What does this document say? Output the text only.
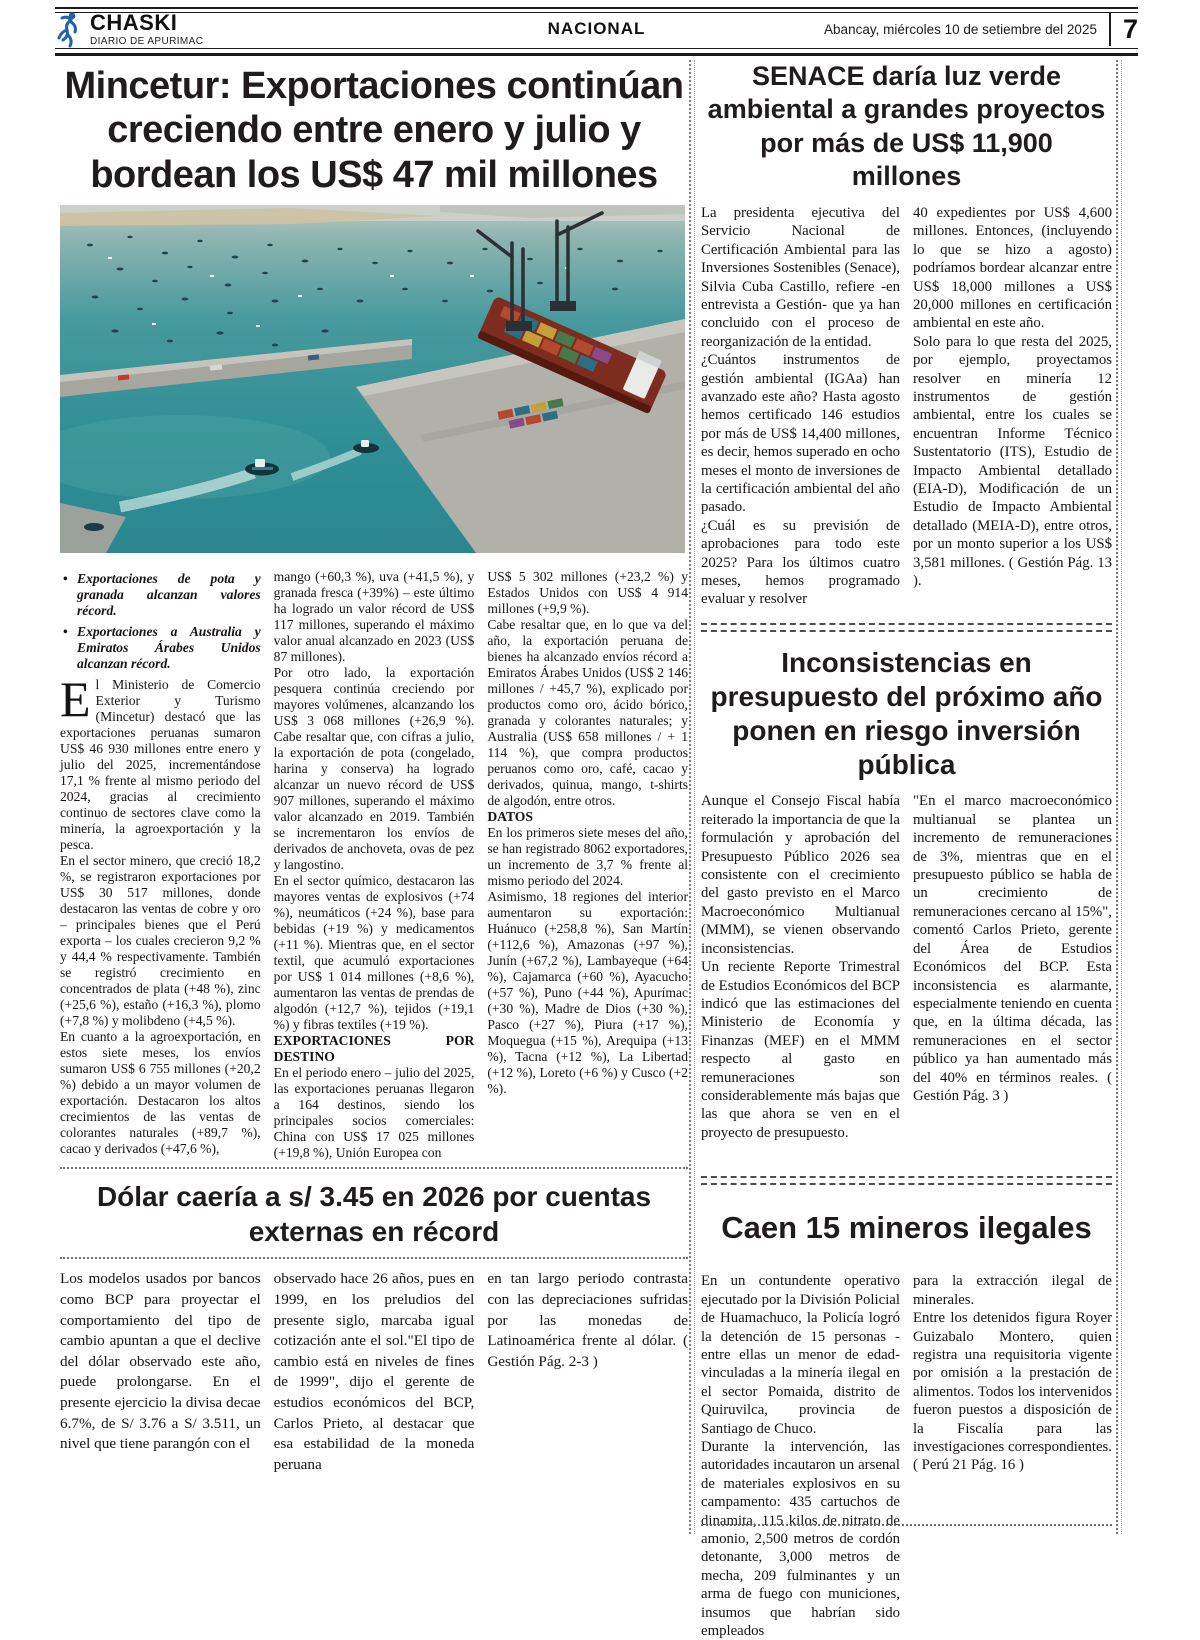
CHASKI
DIARIO DE APURIMAC
NACIONAL	Abancay, miércoles 10 de setiembre del 2025 7
Mincetur: Exportaciones continúan creciendo entre enero y julio y bordean los US$ 47 mil millones
• Exportaciones de pota y granada alcanzan valores récord.
• Exportaciones a Australia y Emiratos Árabes Unidos alcanzan récord.

El Ministerio de Comercio Exterior y Turismo (Mincetur) destacó que las exportaciones peruanas sumaron US$ 46 930 millones entre enero y julio del 2025, incrementándose 17,1 % frente al mismo periodo del 2024, gracias al crecimiento continuo de sectores clave como la minería, la agroexportación y la pesca.

En el sector minero, que creció 18,2 %, se registraron exportaciones por US$ 30 517 millones, donde destacaron las ventas de cobre y oro – principales bienes que el Perú exporta – los cuales crecieron 9,2 % y 44,4 % respectivamente. También se registró crecimiento en concentrados de plata (+48 %), zinc (+25,6 %), estaño (+16,3 %), plomo (+7,8 %) y molibdeno (+4,5 %).

En cuanto a la agroexportación, en estos siete meses, los envíos sumaron US$ 6 755 millones (+20,2 %) debido a un mayor volumen de exportación. Destacaron los altos crecimientos de las ventas de colorantes naturales (+89,7 %), cacao y derivados (+47,6 %),

mango (+60,3 %), uva (+41,5 %), y granada fresca (+39%) – este último ha logrado un valor récord de US$ 117 millones, superando el máximo valor anual alcanzado en 2023 (US$ 87 millones).

Por otro lado, la exportación pesquera continúa creciendo por mayores volúmenes, alcanzando los US$ 3 068 millones (+26,9 %). Cabe resaltar que, con cifras a julio, la exportación de pota (congelado, harina y conserva) ha logrado alcanzar un nuevo récord de US$ 907 millones, superando el máximo valor alcanzado en 2019. También se incrementaron los envíos de derivados de anchoveta, ovas de pez y langostino.

En el sector químico, destacaron las mayores ventas de explosivos (+74 %), neumáticos (+24 %), base para bebidas (+19 %) y medicamentos (+11 %). Mientras que, en el sector textil, que acumuló exportaciones por US$ 1 014 millones (+8,6 %), aumentaron las ventas de prendas de algodón (+12,7 %), tejidos (+19,1 %) y fibras textiles (+19 %).

EXPORTACIONES POR DESTINO

En el periodo enero – julio del 2025, las exportaciones peruanas llegaron a 164 destinos, siendo los principales socios comerciales: China con US$ 17 025 millones (+19,8 %), Unión Europea con

US$ 5 302 millones (+23,2 %) y Estados Unidos con US$ 4 914 millones (+9,9 %).

Cabe resaltar que, en lo que va del año, la exportación peruana de bienes ha alcanzado envíos récord a Emiratos Árabes Unidos (US$ 2 146 millones / +45,7 %), explicado por productos como oro, ácido bórico, granada y colorantes naturales; y Australia (US$ 658 millones / + 1 114 %), que compra productos peruanos como oro, café, cacao y derivados, quinua, mango, t-shirts de algodón, entre otros.

DATOS

En los primeros siete meses del año, se han registrado 8062 exportadores, un incremento de 3,7 % frente al mismo periodo del 2024.

Asimismo, 18 regiones del interior aumentaron su exportación: Huánuco (+258,8 %), San Martín (+112,6 %), Amazonas (+97 %), Junín (+67,2 %), Lambayeque (+64 %), Cajamarca (+60 %), Ayacucho (+57 %), Puno (+44 %), Apurímac (+30 %), Madre de Dios (+30 %), Pasco (+27 %), Piura (+17 %), Moquegua (+15 %), Arequipa (+13 %), Tacna (+12 %), La Libertad (+12 %), Loreto (+6 %) y Cusco (+2 %).

Dólar caería a s/ 3.45 en 2026 por cuentas externas en récord

Los modelos usados por bancos como BCP para proyectar el comportamiento del tipo de cambio apuntan a que el declive del dólar observado este año, puede prolongarse. En el presente ejercicio la divisa decae 6.7%, de S/ 3.76 a S/ 3.511, un nivel que tiene parangón con el

observado hace 26 años, pues en 1999, en los preludios del presente siglo, marcaba igual cotización ante el sol."El tipo de cambio está en niveles de fines de 1999", dijo el gerente de estudios económicos del BCP, Carlos Prieto, al destacar que esa estabilidad de la moneda peruana

en tan largo periodo contrasta con las depreciaciones sufridas por las monedas de Latinoamérica frente al dólar. ( Gestión Pág. 2-3 )

SENACE daría luz verde ambiental a grandes proyectos por más de US$ 11,900 millones

La presidenta ejecutiva del Servicio Nacional de Certificación Ambiental para las Inversiones Sostenibles (Senace), Silvia Cuba Castillo, refiere -en entrevista a Gestión- que ya han concluido con el proceso de reorganización de la entidad.

¿Cuántos instrumentos de gestión ambiental (IGAa) han avanzado este año? Hasta agosto hemos certificado 146 estudios por más de US$ 14,400 millones, es decir, hemos superado en ocho meses el monto de inversiones de la certificación ambiental del año pasado.

¿Cuál es su previsión de aprobaciones para todo este 2025? Para los últimos cuatro meses, hemos programado evaluar y resolver

40 expedientes por US$ 4,600 millones. Entonces, (incluyendo lo que se hizo a agosto) podríamos bordear alcanzar entre US$ 18,000 millones a US$ 20,000 millones en certificación ambiental en este año.

Solo para lo que resta del 2025, por ejemplo, proyectamos resolver en minería 12 instrumentos de gestión ambiental, entre los cuales se encuentran Informe Técnico Sustentatorio (ITS), Estudio de Impacto Ambiental detallado (EIA-D), Modificación de un Estudio de Impacto Ambiental detallado (MEIA-D), entre otros, por un monto superior a los US$ 3,581 millones. ( Gestión Pág. 13 ).

Inconsistencias en presupuesto del próximo año ponen en riesgo inversión pública

Aunque el Consejo Fiscal había reiterado la importancia de que la formulación y aprobación del Presupuesto Público 2026 sea consistente con el crecimiento del gasto previsto en el Marco Macroeconómico Multianual (MMM), se vienen observando inconsistencias.

Un reciente Reporte Trimestral de Estudios Económicos del BCP indicó que las estimaciones del Ministerio de Economía y Finanzas (MEF) en el MMM respecto al gasto en remuneraciones son considerablemente más bajas que las que ahora se ven en el proyecto de presupuesto.

"En el marco macroeconómico multianual se plantea un incremento de remuneraciones de 3%, mientras que en el presupuesto público se habla de un crecimiento de remuneraciones cercano al 15%", comentó Carlos Prieto, gerente del Área de Estudios Económicos del BCP. Esta inconsistencia es alarmante, especialmente teniendo en cuenta que, en la última década, las remuneraciones en el sector público ya han aumentado más del 40% en términos reales. ( Gestión Pág. 3 )

Caen 15 mineros ilegales

En un contundente operativo ejecutado por la División Policial de Huamachuco, la Policía logró la detención de 15 personas -entre ellas un menor de edad- vinculadas a la minería ilegal en el sector Pomaida, distrito de Quiruvilca, provincia de Santiago de Chuco.

Durante la intervención, las autoridades incautaron un arsenal de materiales explosivos en su campamento: 435 cartuchos de dinamita, 115 kilos de nitrato de amonio, 2,500 metros de cordón detonante, 3,000 metros de mecha, 209 fulminantes y un arma de fuego con municiones, insumos que habrían sido empleados

para la extracción ilegal de minerales.

Entre los detenidos figura Royer Guizabalo Montero, quien registra una requisitoria vigente por omisión a la prestación de alimentos. Todos los intervenidos fueron puestos a disposición de la Fiscalía para las investigaciones correspondientes. ( Perú 21 Pág. 16 )
